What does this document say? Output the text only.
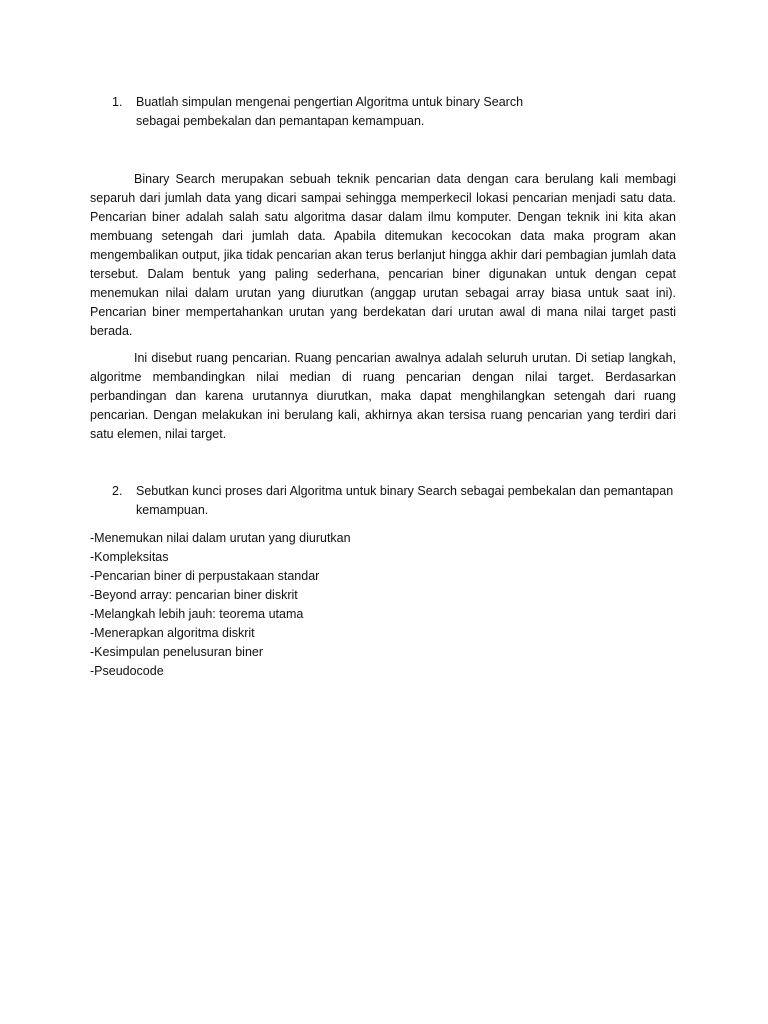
1. Buatlah simpulan mengenai pengertian Algoritma untuk binary Search sebagai pembekalan dan pemantapan kemampuan.

Binary Search merupakan sebuah teknik pencarian data dengan cara berulang kali membagi separuh dari jumlah data yang dicari sampai sehingga memperkecil lokasi pencarian menjadi satu data. Pencarian biner adalah salah satu algoritma dasar dalam ilmu komputer. Dengan teknik ini kita akan membuang setengah dari jumlah data. Apabila ditemukan kecocokan data maka program akan mengembalikan output, jika tidak pencarian akan terus berlanjut hingga akhir dari pembagian jumlah data tersebut. Dalam bentuk yang paling sederhana, pencarian biner digunakan untuk dengan cepat menemukan nilai dalam urutan yang diurutkan (anggap urutan sebagai array biasa untuk saat ini). Pencarian biner mempertahankan urutan yang berdekatan dari urutan awal di mana nilai target pasti berada.

Ini disebut ruang pencarian. Ruang pencarian awalnya adalah seluruh urutan. Di setiap langkah, algoritme membandingkan nilai median di ruang pencarian dengan nilai target. Berdasarkan perbandingan dan karena urutannya diurutkan, maka dapat menghilangkan setengah dari ruang pencarian. Dengan melakukan ini berulang kali, akhirnya akan tersisa ruang pencarian yang terdiri dari satu elemen, nilai target.

2. Sebutkan kunci proses dari Algoritma untuk binary Search sebagai pembekalan dan pemantapan kemampuan.
-Menemukan nilai dalam urutan yang diurutkan
-Kompleksitas
-Pencarian biner di perpustakaan standar
-Beyond array: pencarian biner diskrit
-Melangkah lebih jauh: teorema utama
-Menerapkan algoritma diskrit
-Kesimpulan penelusuran biner
-Pseudocode
